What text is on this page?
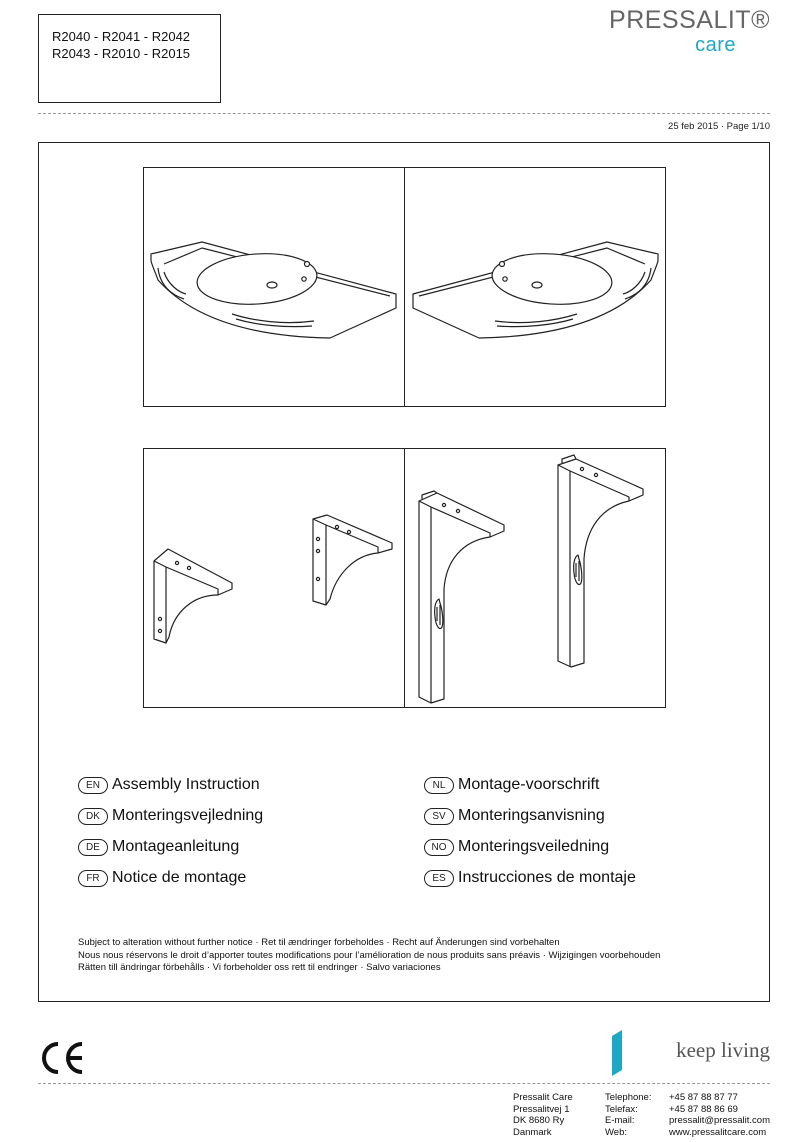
R2040 - R2041 - R2042
R2043 - R2010 - R2015
PRESSALIT®
care
25 feb 2015 · Page 1/10
EN Assembly Instruction
DK Monteringsvejledning
DE Montageanleitung
FR Notice de montage
NL Montage-voorschrift
SV Monteringsanvisning
NO Monteringsveiledning
ES Instrucciones de montaje
Subject to alteration without further notice · Ret til ændringer forbeholdes · Recht auf Änderungen sind vorbehalten
Nous nous réservons le droit d’apporter toutes modifications pour l’amélioration de nous produits sans préavis · Wijzigingen voorbehouden
Rätten till ändringar förbehålls · Vi forbeholder oss rett til endringer · Salvo variaciones
keep living
Pressalit Care
Pressalitvej 1
DK 8680 Ry
Danmark
Telephone:
Telefax:
E-mail:
Web:
+45 87 88 87 77
+45 87 88 86 69
pressalit@pressalit.com
www.pressalitcare.com
